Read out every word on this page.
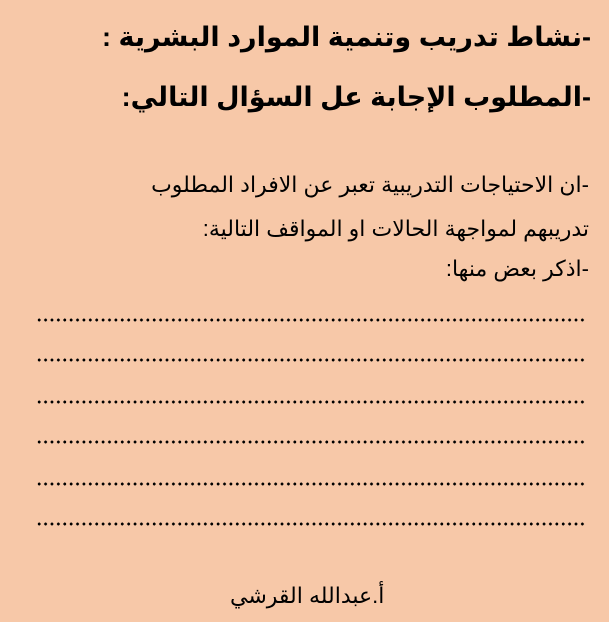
-نشاط تدريب وتنمية الموارد البشرية :
-المطلوب الإجابة عل السؤال التالي:
-ان الاحتياجات التدريبية تعبر عن الافراد المطلوب
تدريبهم لمواجهة الحالات او المواقف التالية:
-اذكر بعض منها:
أ.عبدالله القرشي
